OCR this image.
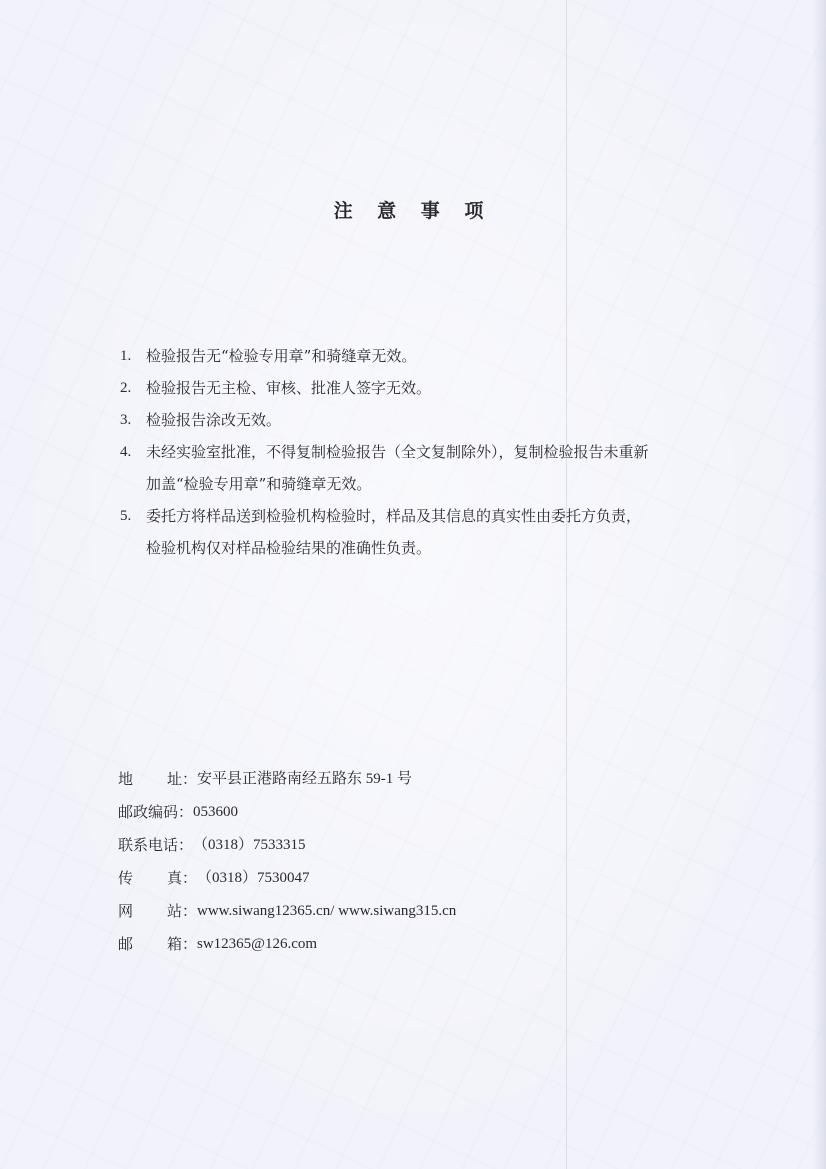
注 意 事 项
1. 检验报告无“检验专用章”和骑缝章无效。
2. 检验报告无主检、审核、批准人签字无效。
3. 检验报告涂改无效。
4. 未经实验室批准，不得复制检验报告（全文复制除外），复制检验报告未重新
加盖“检验专用章”和骑缝章无效。
5. 委托方将样品送到检验机构检验时，样品及其信息的真实性由委托方负责，
检验机构仅对样品检验结果的准确性负责。
地 址 ： 安平县正港路南经五路东 59-1 号
邮政编码 ： 053600
联系电话 ： （0318）7533315
传 真 ： （0318）7530047
网 站 ： www.siwang12365.cn/ www.siwang315.cn
邮 箱 ： sw12365@126.com
